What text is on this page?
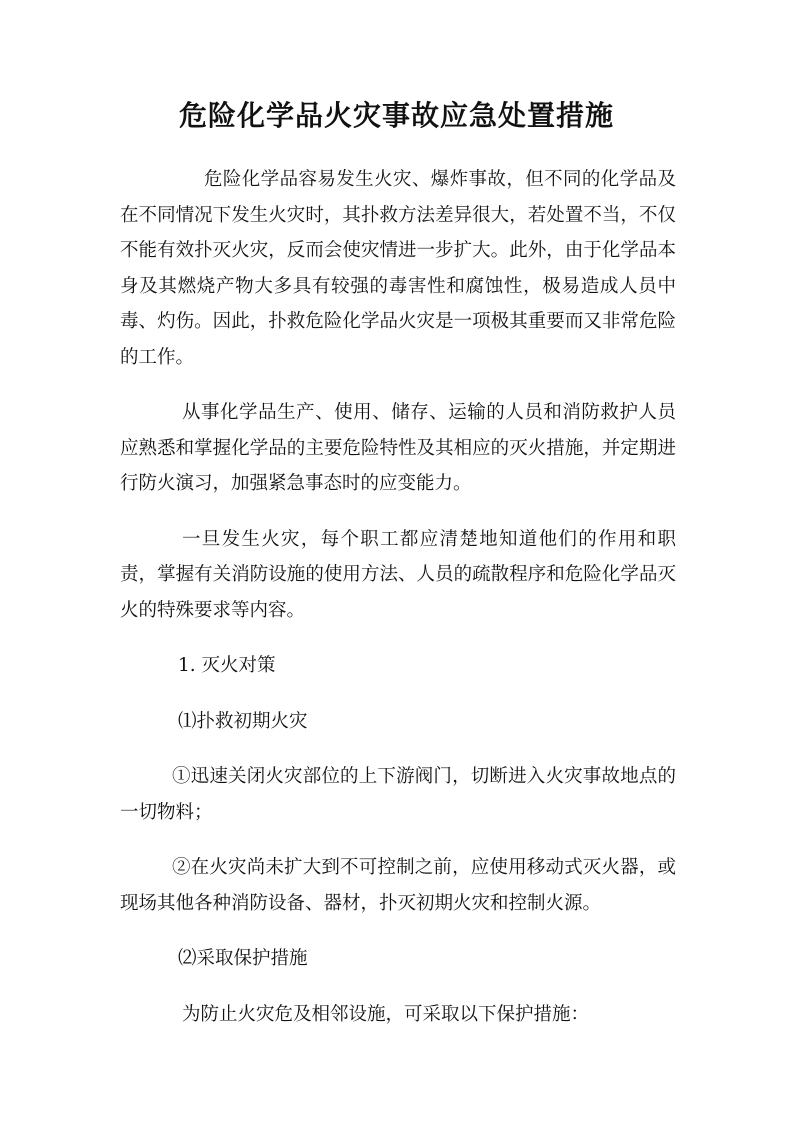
危险化学品火灾事故应急处置措施

危险化学品容易发生火灾、爆炸事故，但不同的化学品及在不同情况下发生火灾时，其扑救方法差异很大，若处置不当，不仅不能有效扑灭火灾，反而会使灾情进一步扩大。此外，由于化学品本身及其燃烧产物大多具有较强的毒害性和腐蚀性，极易造成人员中毒、灼伤。因此，扑救危险化学品火灾是一项极其重要而又非常危险的工作。

从事化学品生产、使用、储存、运输的人员和消防救护人员应熟悉和掌握化学品的主要危险特性及其相应的灭火措施，并定期进行防火演习，加强紧急事态时的应变能力。

一旦发生火灾，每个职工都应清楚地知道他们的作用和职责，掌握有关消防设施的使用方法、人员的疏散程序和危险化学品灭火的特殊要求等内容。

1. 灭火对策

⑴扑救初期火灾

①迅速关闭火灾部位的上下游阀门，切断进入火灾事故地点的一切物料；

②在火灾尚未扩大到不可控制之前，应使用移动式灭火器，或现场其他各种消防设备、器材，扑灭初期火灾和控制火源。

⑵采取保护措施

为防止火灾危及相邻设施，可采取以下保护措施：
